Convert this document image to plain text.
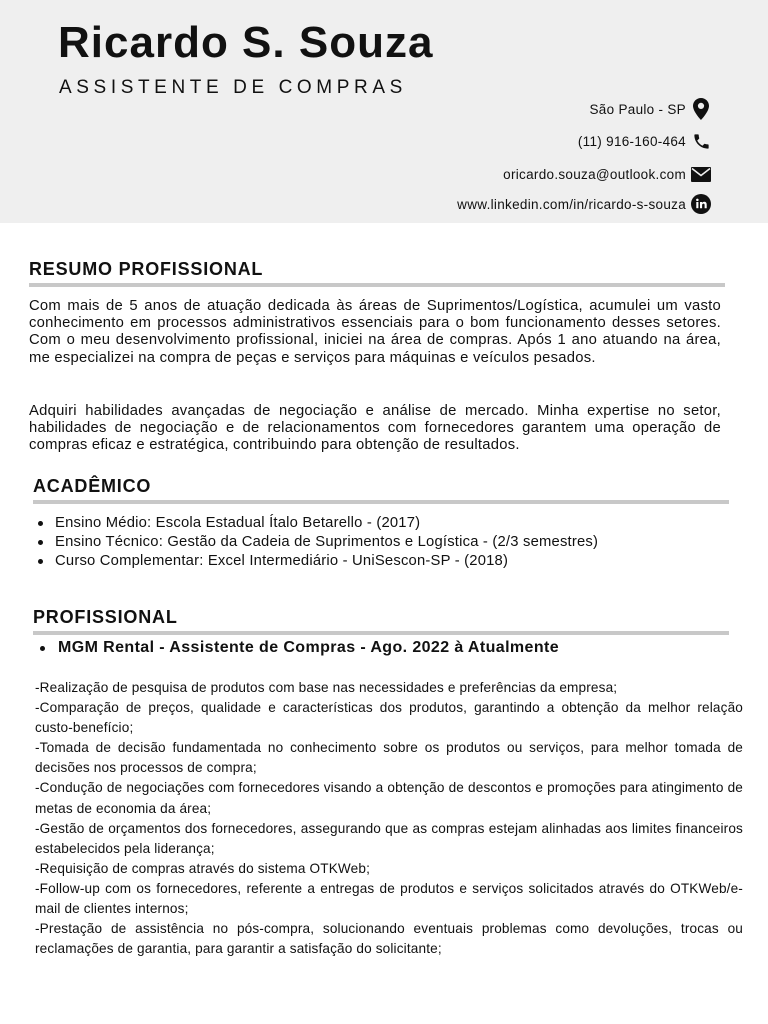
Ricardo S. Souza
ASSISTENTE DE COMPRAS
São Paulo - SP
(11) 916-160-464
oricardo.souza@outlook.com
www.linkedin.com/in/ricardo-s-souza
RESUMO PROFISSIONAL
Com mais de 5 anos de atuação dedicada às áreas de Suprimentos/Logística, acumulei um vasto conhecimento em processos administrativos essenciais para o bom funcionamento desses setores. Com o meu desenvolvimento profissional, iniciei na área de compras. Após 1 ano atuando na área, me especializei na compra de peças e serviços para máquinas e veículos pesados.
Adquiri habilidades avançadas de negociação e análise de mercado. Minha expertise no setor, habilidades de negociação e de relacionamentos com fornecedores garantem uma operação de compras eficaz e estratégica, contribuindo para obtenção de resultados.
ACADÊMICO
Ensino Médio: Escola Estadual Ítalo Betarello - (2017)
Ensino Técnico: Gestão da Cadeia de Suprimentos e Logística - (2/3 semestres)
Curso Complementar: Excel Intermediário - UniSescon-SP - (2018)
PROFISSIONAL
MGM Rental - Assistente de Compras - Ago. 2022 à Atualmente

-Realização de pesquisa de produtos com base nas necessidades e preferências da empresa;

-Comparação de preços, qualidade e características dos produtos, garantindo a obtenção da melhor relação custo-benefício;

-Tomada de decisão fundamentada no conhecimento sobre os produtos ou serviços, para melhor tomada de decisões nos processos de compra;

-Condução de negociações com fornecedores visando a obtenção de descontos e promoções para atingimento de metas de economia da área;

-Gestão de orçamentos dos fornecedores, assegurando que as compras estejam alinhadas aos limites financeiros estabelecidos pela liderança;

-Requisição de compras através do sistema OTKWeb;

-Follow-up com os fornecedores, referente a entregas de produtos e serviços solicitados através do OTKWeb/e-mail de clientes internos;

-Prestação de assistência no pós-compra, solucionando eventuais problemas como devoluções, trocas ou reclamações de garantia, para garantir a satisfação do solicitante;
